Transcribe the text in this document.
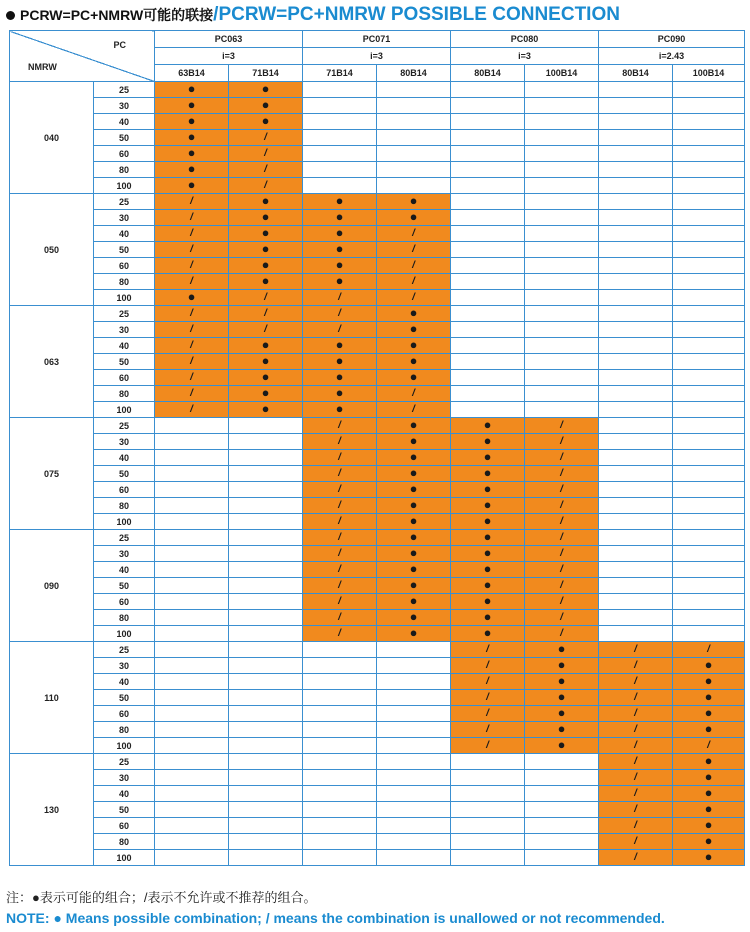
PCRW=PC+NMRW可能的联接 /PCRW=PC+NMRW POSSIBLE CONNECTION
PC
NMRW		PC063		PC071		PC080		PC090	
		i=3		i=3		i=3		i=2.43	
		63B14	71B14	71B14	80B14	80B14	100B14	80B14	100B14
040	25	●	●						
	30	●	●						
	40	●	●						
	50	●	/						
	60	●	/						
	80	●	/						
	100	●	/						
050	25	/	●	●	●				
	30	/	●	●	●				
	40	/	●	●	/				
	50	/	●	●	/				
	60	/	●	●	/				
	80	/	●	●	/				
	100	●	/	/	/				
063	25	/	/	/	●				
	30	/	/	/	●				
	40	/	●	●	●				
	50	/	●	●	●				
	60	/	●	●	●				
	80	/	●	●	/				
	100	/	●	●	/				
075	25			/	●	●	/		
	30			/	●	●	/		
	40			/	●	●	/		
	50			/	●	●	/		
	60			/	●	●	/		
	80			/	●	●	/		
	100			/	●	●	/		
090	25			/	●	●	/		
	30			/	●	●	/		
	40			/	●	●	/		
	50			/	●	●	/		
	60			/	●	●	/		
	80			/	●	●	/		
	100			/	●	●	/		
110	25					/	●	/	/
	30					/	●	/	●
	40					/	●	/	●
	50					/	●	/	●
	60					/	●	/	●
	80					/	●	/	●
	100					/	●	/	/
130	25							/	●
	30							/	●
	40							/	●
	50							/	●
	60							/	●
	80							/	●
	100							/	●
注：●表示可能的组合；/表示不允许或不推荐的组合。
NOTE: ● Means possible combination; / means the combination is unallowed or not recommended.
